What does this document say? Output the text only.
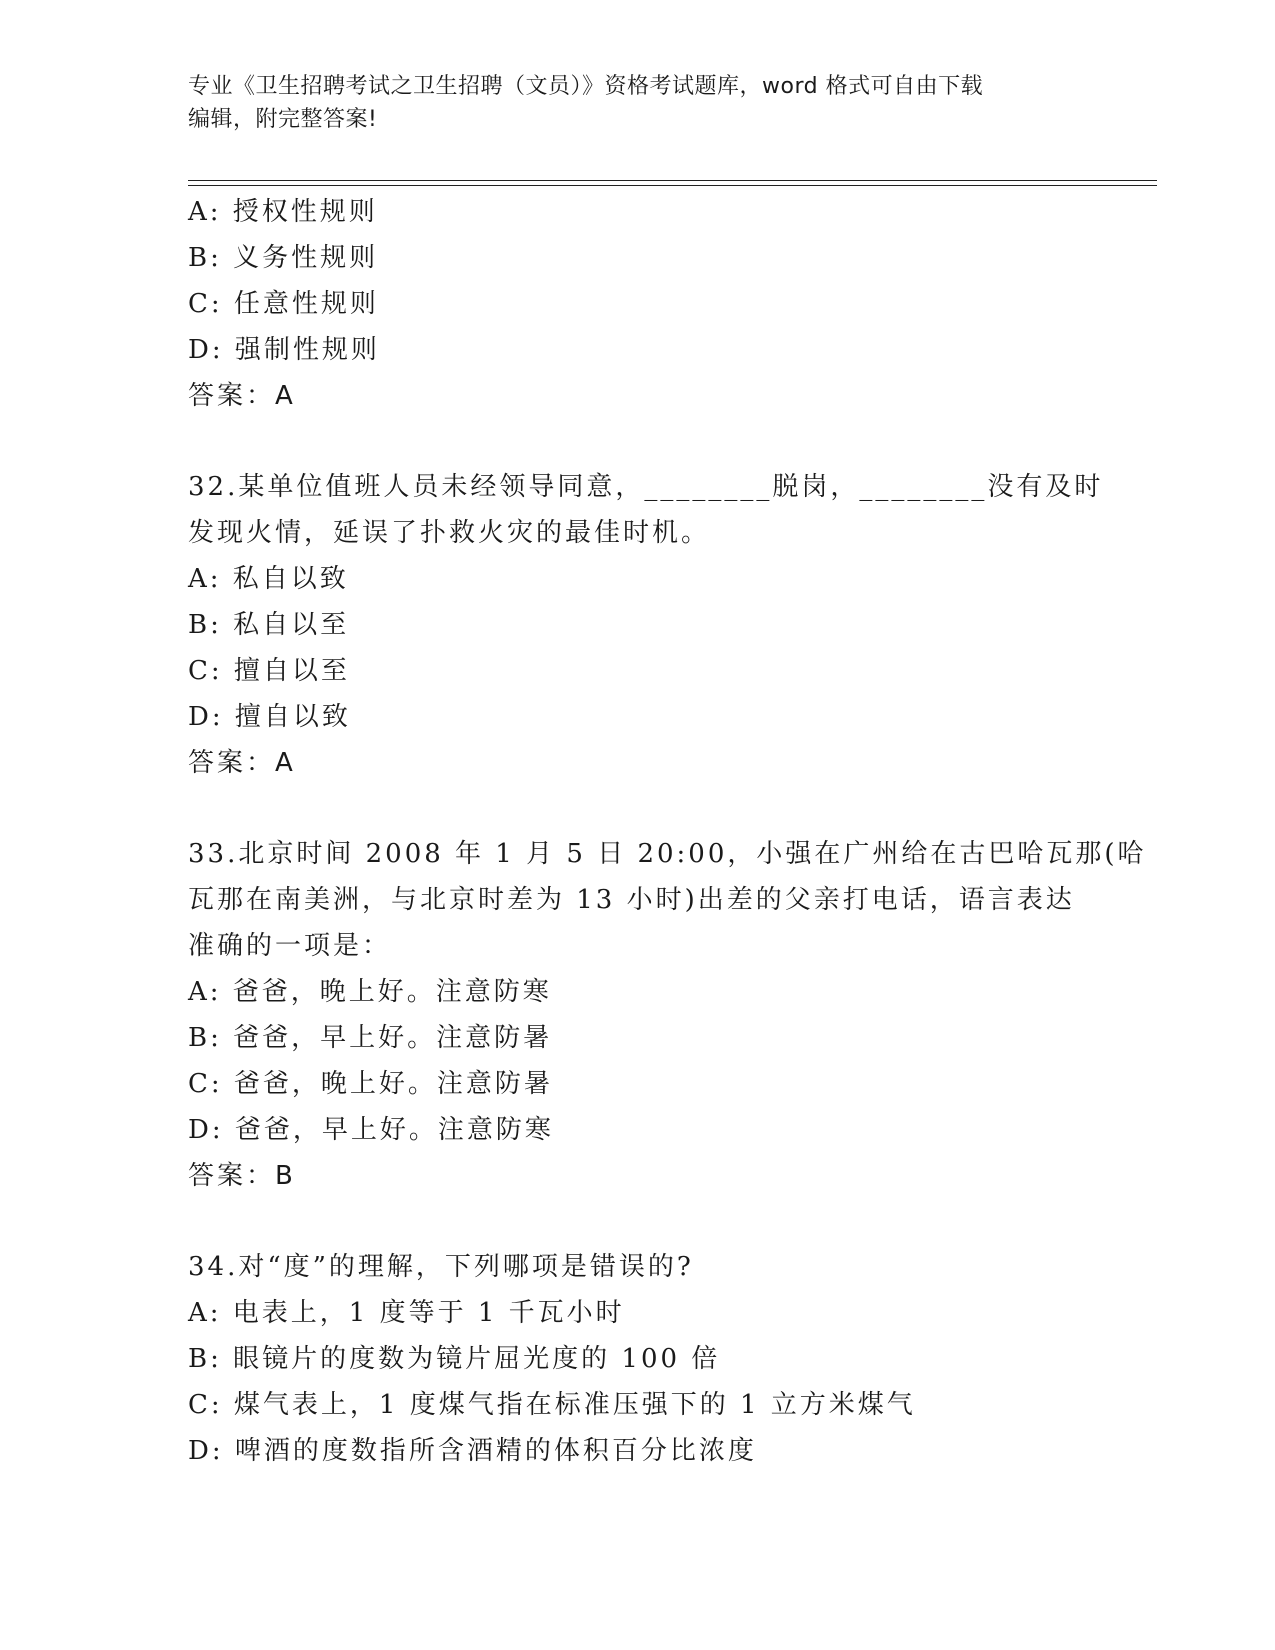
专业《卫生招聘考试之卫生招聘（文员）》资格考试题库，word 格式可自由下载
编辑，附完整答案!
A: 授权性规则
B: 义务性规则
C: 任意性规则
D: 强制性规则
答案：A
32.某单位值班人员未经领导同意，________脱岗，________没有及时
发现火情，延误了扑救火灾的最佳时机。
A: 私自以致
B: 私自以至
C: 擅自以至
D: 擅自以致
答案：A
33.北京时间 2008 年 1 月 5 日 20:00，小强在广州给在古巴哈瓦那(哈
瓦那在南美洲，与北京时差为 13 小时)出差的父亲打电话，语言表达
准确的一项是：
A: 爸爸，晚上好。注意防寒
B: 爸爸，早上好。注意防暑
C: 爸爸，晚上好。注意防暑
D: 爸爸，早上好。注意防寒
答案：B
34.对“度”的理解，下列哪项是错误的?
A: 电表上，1 度等于 1 千瓦小时
B: 眼镜片的度数为镜片屈光度的 100 倍
C: 煤气表上，1 度煤气指在标准压强下的 1 立方米煤气
D: 啤酒的度数指所含酒精的体积百分比浓度
